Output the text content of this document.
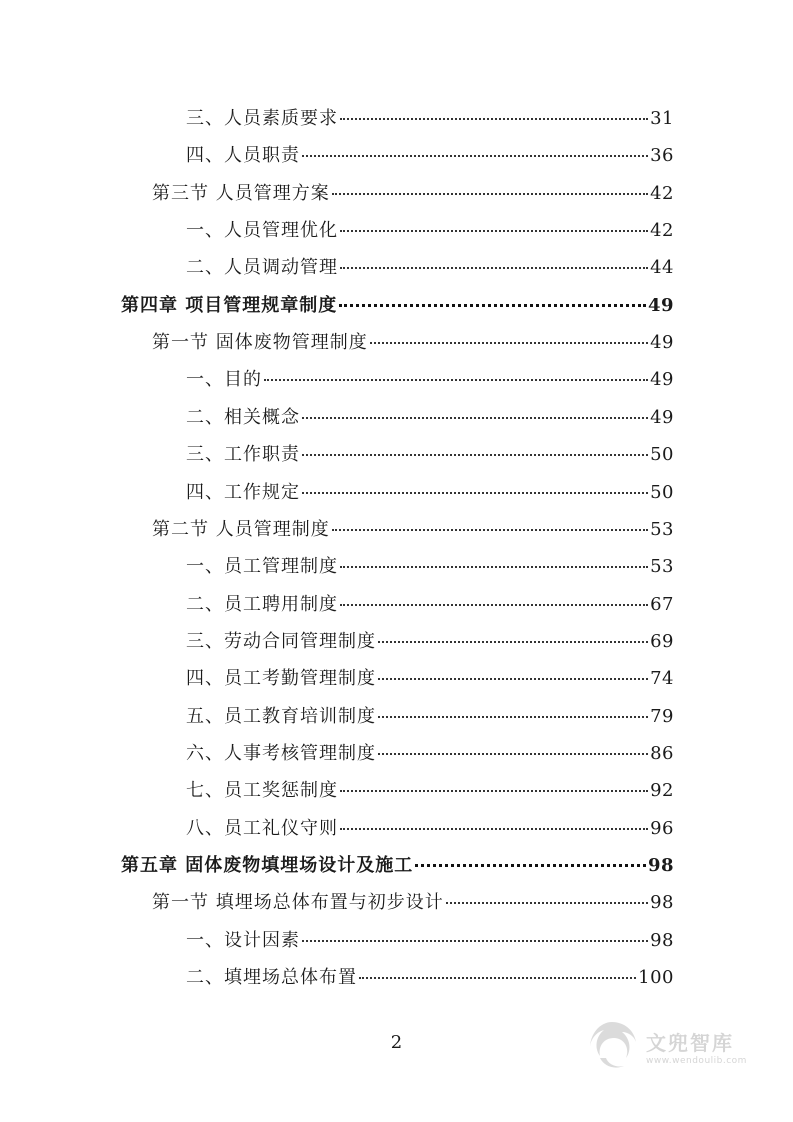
三、人员素质要求	31
四、人员职责	36
第三节 人员管理方案	42
一、人员管理优化	42
二、人员调动管理	44
第四章 项目管理规章制度	49
第一节 固体废物管理制度	49
一、目的	49
二、相关概念	49
三、工作职责	50
四、工作规定	50
第二节 人员管理制度	53
一、员工管理制度	53
二、员工聘用制度	67
三、劳动合同管理制度	69
四、员工考勤管理制度	74
五、员工教育培训制度	79
六、人事考核管理制度	86
七、员工奖惩制度	92
八、员工礼仪守则	96
第五章 固体废物填埋场设计及施工	98
第一节 填埋场总体布置与初步设计	98
一、设计因素	98
二、填埋场总体布置	100
2	文兜智库
www.wendoulib.com
